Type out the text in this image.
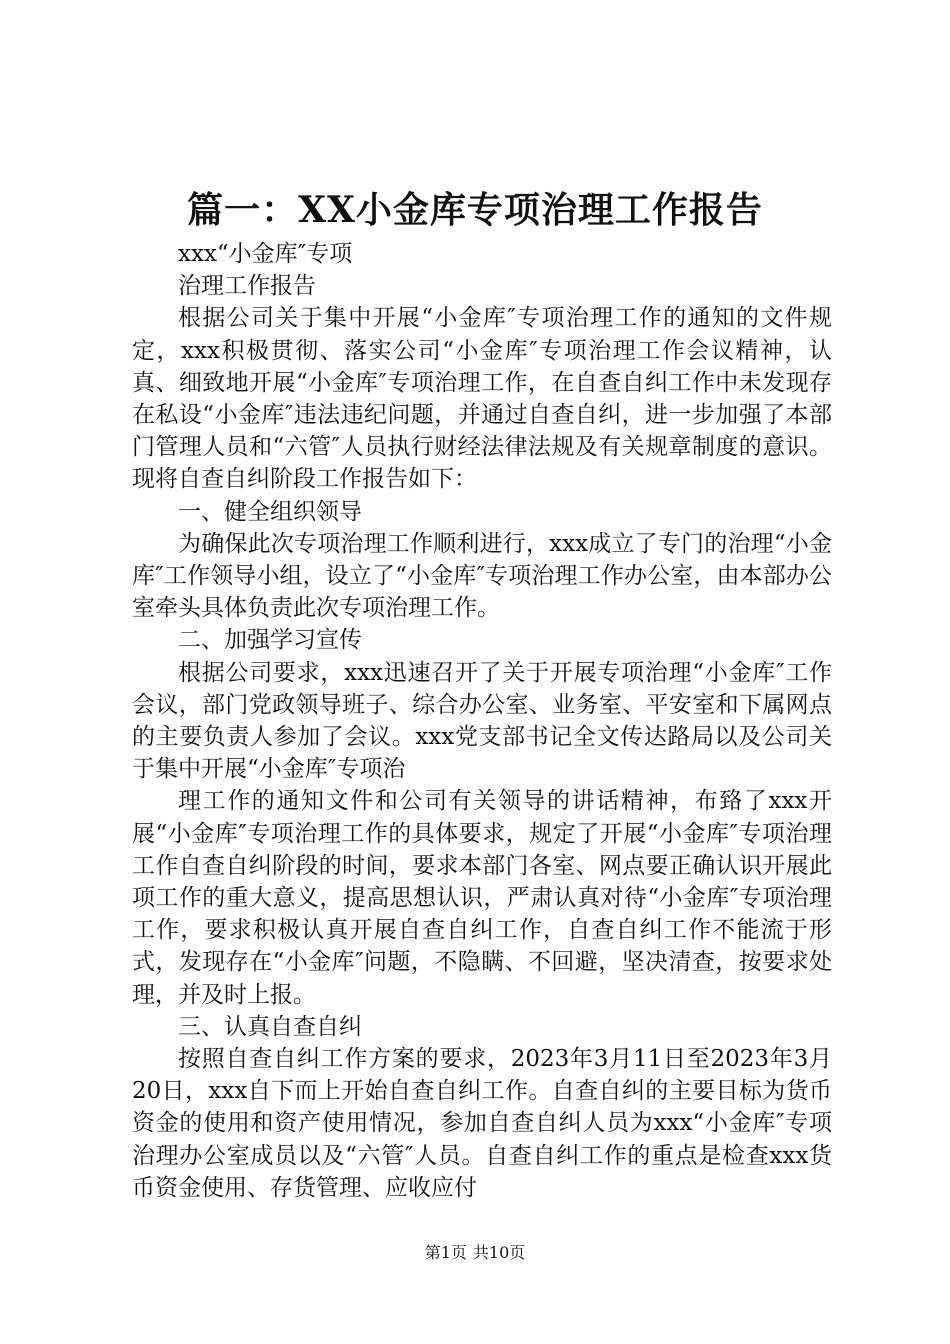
篇一：XX小金库专项治理工作报告

xxx“小金库″专项

治理工作报告

根据公司关于集中开展“小金库″专项治理工作的通知的文件规定，xxx积极贯彻、落实公司“小金库″专项治理工作会议精神，认真、细致地开展“小金库″专项治理工作，在自查自纠工作中未发现存在私设“小金库″违法违纪问题，并通过自查自纠，进一步加强了本部门管理人员和“六管″人员执行财经法律法规及有关规章制度的意识。现将自查自纠阶段工作报告如下：

一、健全组织领导

为确保此次专项治理工作顺利进行，xxx成立了专门的治理“小金库″工作领导小组，设立了“小金库″专项治理工作办公室，由本部办公室牵头具体负责此次专项治理工作。

二、加强学习宣传

根据公司要求，xxx迅速召开了关于开展专项治理“小金库″工作会议，部门党政领导班子、综合办公室、业务室、平安室和下属网点的主要负责人参加了会议。xxx党支部书记全文传达路局以及公司关于集中开展“小金库″专项治

理工作的通知文件和公司有关领导的讲话精神，布臵了xxx开展“小金库″专项治理工作的具体要求，规定了开展“小金库″专项治理工作自查自纠阶段的时间，要求本部门各室、网点要正确认识开展此项工作的重大意义，提高思想认识，严肃认真对待“小金库″专项治理工作，要求积极认真开展自查自纠工作，自查自纠工作不能流于形式，发现存在“小金库″问题，不隐瞒、不回避，坚决清查，按要求处理，并及时上报。

三、认真自查自纠

按照自查自纠工作方案的要求，2023年3月11日至2023年3月20日，xxx自下而上开始自查自纠工作。自查自纠的主要目标为货币资金的使用和资产使用情况，参加自查自纠人员为xxx“小金库″专项治理办公室成员以及“六管″人员。自查自纠工作的重点是检查xxx货币资金使用、存货管理、应收应付

第1页 共10页
